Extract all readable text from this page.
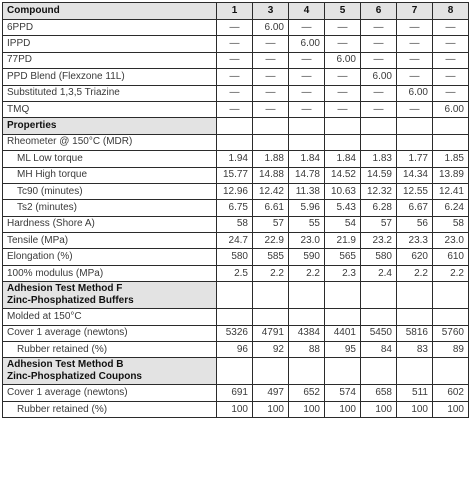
Compound	1	3	4	5	6	7	8
6PPD	—	6.00	—	—	—	—	—
IPPD	—	—	6.00	—	—	—	—
77PD	—	—	—	6.00	—	—	—
PPD Blend (Flexzone 11L)	—	—	—	—	6.00	—	—
Substituted 1,3,5 Triazine	—	—	—	—	—	6.00	—
TMQ	—	—	—	—	—	—	6.00
Properties							
Rheometer @ 150°C (MDR)							
ML Low torque	1.94	1.88	1.84	1.84	1.83	1.77	1.85
MH High torque	15.77	14.88	14.78	14.52	14.59	14.34	13.89
Tc90 (minutes)	12.96	12.42	11.38	10.63	12.32	12.55	12.41
Ts2 (minutes)	6.75	6.61	5.96	5.43	6.28	6.67	6.24
Hardness (Shore A)	58	57	55	54	57	56	58
Tensile (MPa)	24.7	22.9	23.0	21.9	23.2	23.3	23.0
Elongation (%)	580	585	590	565	580	620	610
100% modulus (MPa)	2.5	2.2	2.2	2.3	2.4	2.2	2.2

Adhesion Test Method F
Zinc-Phosphatized Buffers							

Molded at 150°C							
Cover 1 average (newtons)	5326	4791	4384	4401	5450	5816	5760
Rubber retained (%)	96	92	88	95	84	83	89

Adhesion Test Method B
Zinc-Phosphatized Coupons							

Cover 1 average (newtons)	691	497	652	574	658	511	602
Rubber retained (%)	100	100	100	100	100	100	100
